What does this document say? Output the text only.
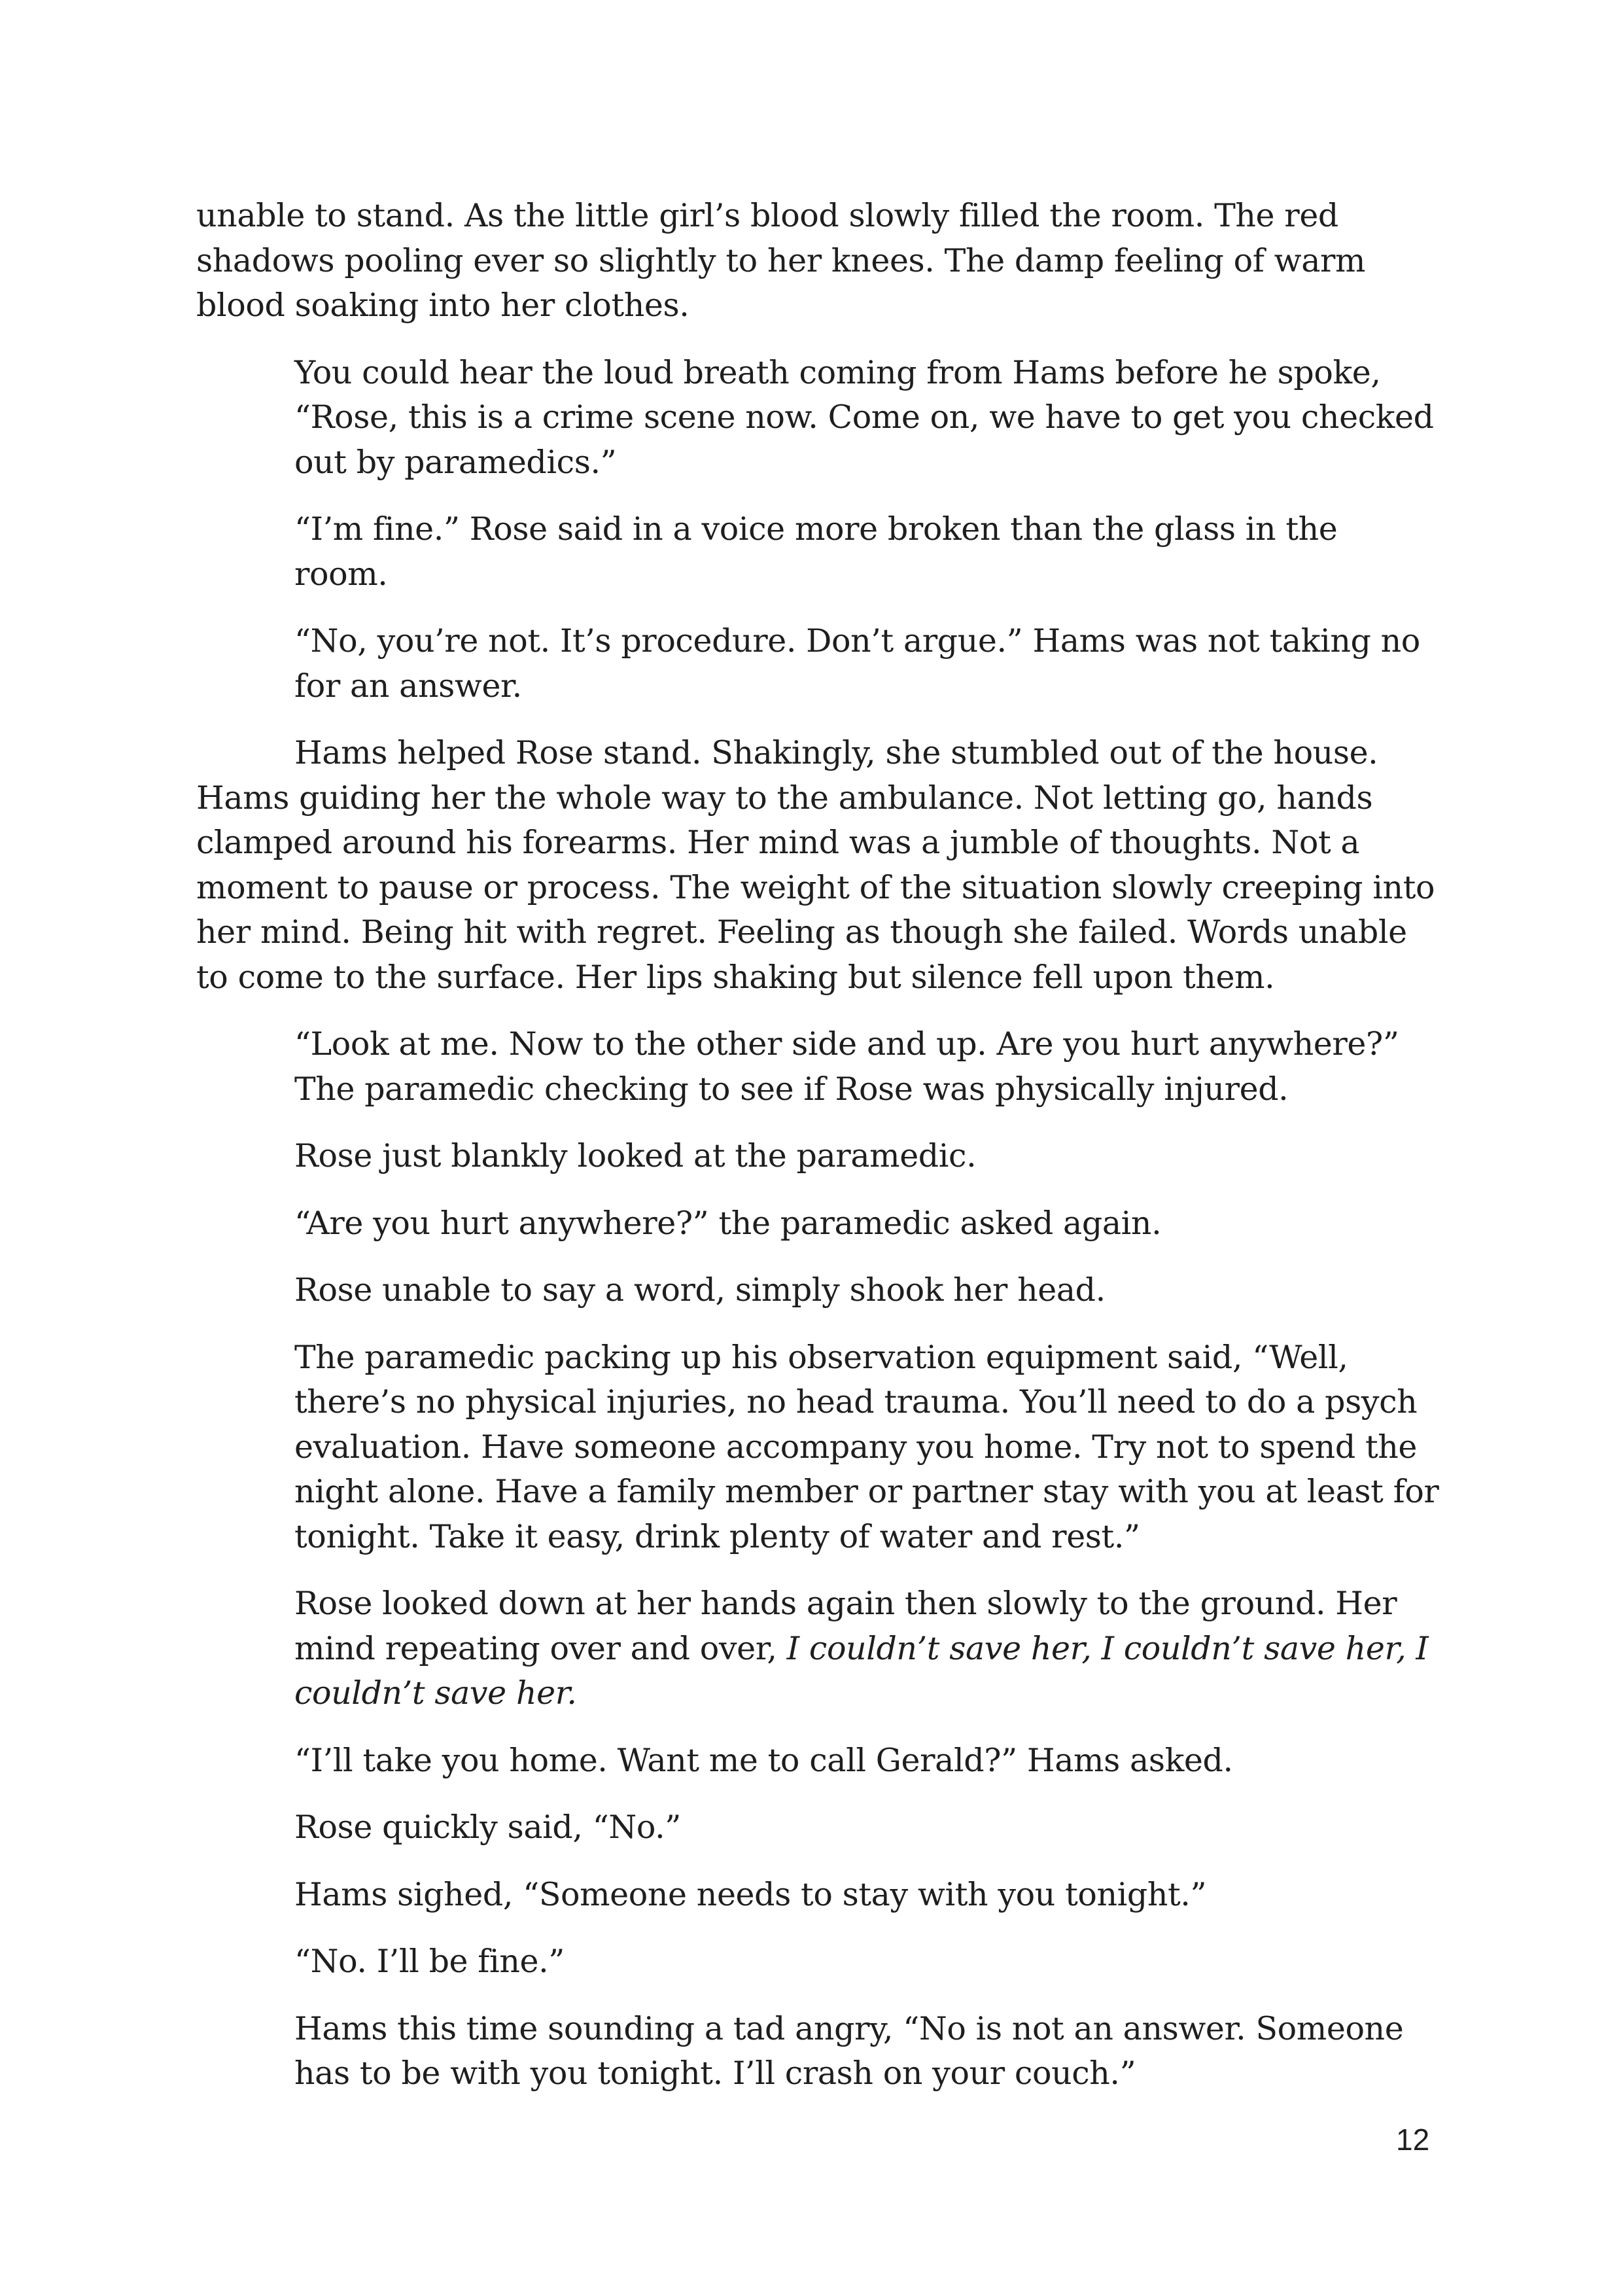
unable to stand. As the little girl’s blood slowly filled the room. The red shadows pooling ever so slightly to her knees. The damp feeling of warm blood soaking into her clothes.

You could hear the loud breath coming from Hams before he spoke, “Rose, this is a crime scene now. Come on, we have to get you checked out by paramedics.”

“I’m fine.” Rose said in a voice more broken than the glass in the room.

“No, you’re not. It’s procedure. Don’t argue.” Hams was not taking no for an answer.

Hams helped Rose stand. Shakingly, she stumbled out of the house. Hams guiding her the whole way to the ambulance. Not letting go, hands clamped around his forearms. Her mind was a jumble of thoughts. Not a moment to pause or process. The weight of the situation slowly creeping into her mind. Being hit with regret. Feeling as though she failed. Words unable to come to the surface. Her lips shaking but silence fell upon them.

“Look at me. Now to the other side and up. Are you hurt anywhere?” The paramedic checking to see if Rose was physically injured.

Rose just blankly looked at the paramedic.

“Are you hurt anywhere?” the paramedic asked again.

Rose unable to say a word, simply shook her head.

The paramedic packing up his observation equipment said, “Well, there’s no physical injuries, no head trauma. You’ll need to do a psych evaluation. Have someone accompany you home. Try not to spend the night alone. Have a family member or partner stay with you at least for tonight. Take it easy, drink plenty of water and rest.”

Rose looked down at her hands again then slowly to the ground. Her mind repeating over and over, I couldn’t save her, I couldn’t save her, I couldn’t save her.

“I’ll take you home. Want me to call Gerald?” Hams asked.

Rose quickly said, “No.”

Hams sighed, “Someone needs to stay with you tonight.”

“No. I’ll be fine.”

Hams this time sounding a tad angry, “No is not an answer. Someone has to be with you tonight. I’ll crash on your couch.”

12
